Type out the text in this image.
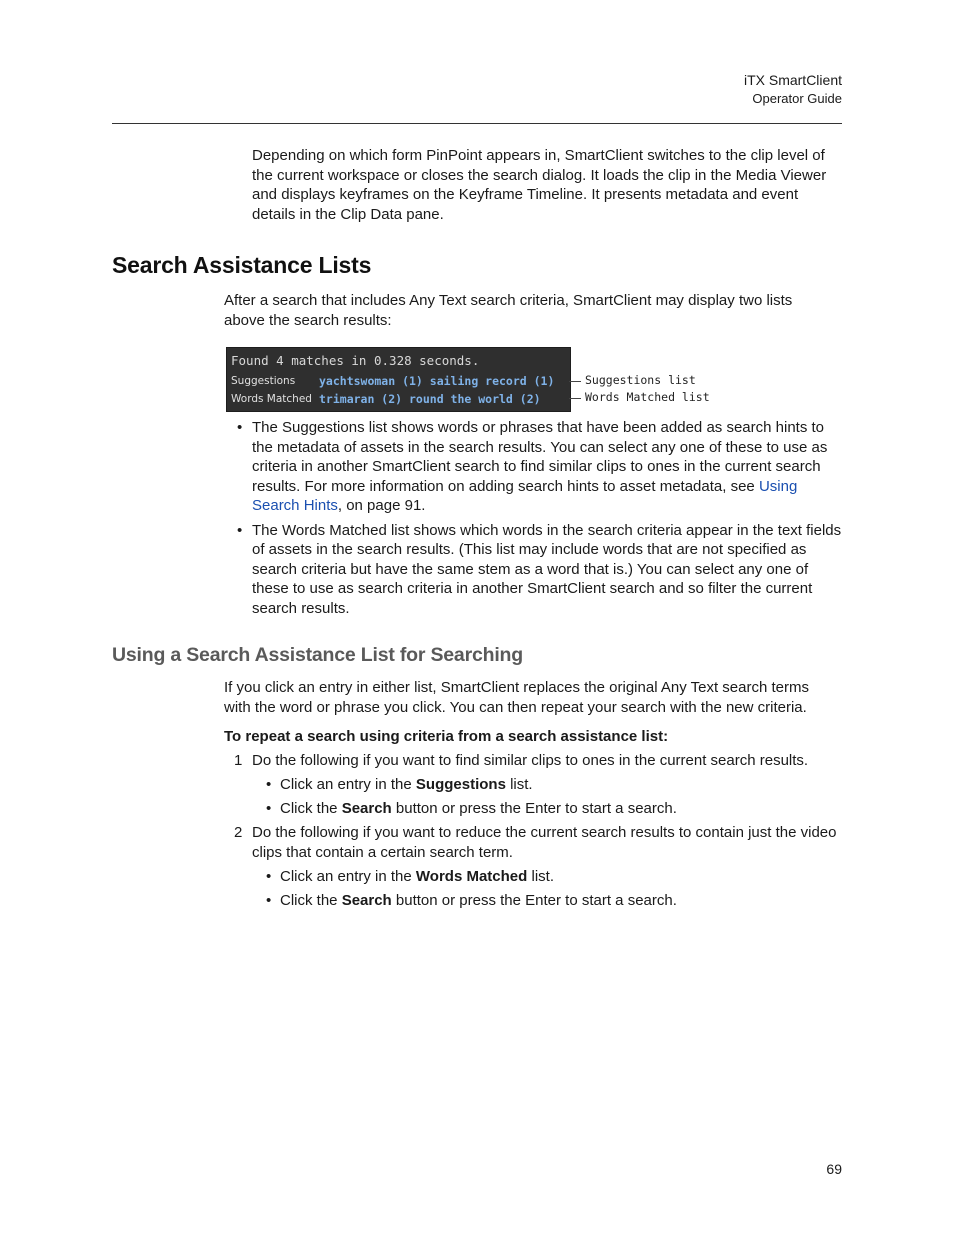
iTX SmartClient
Operator Guide

Depending on which form PinPoint appears in, SmartClient switches to the clip level of the current workspace or closes the search dialog. It loads the clip in the Media Viewer and displays keyframes on the Keyframe Timeline. It presents metadata and event details in the Clip Data pane.

Search Assistance Lists

After a search that includes Any Text search criteria, SmartClient may display two lists above the search results:

Found 4 matches in 0.328 seconds.
Suggestions yachtswoman (1) sailing record (1)
Words Matched trimaran (2) round the world (2)
Suggestions list
Words Matched list
• The Suggestions list shows words or phrases that have been added as search hints to the metadata of assets in the search results. You can select any one of these to use as criteria in another SmartClient search to find similar clips to ones in the current search results. For more information on adding search hints to asset metadata, see Using Search Hints, on page 91.
• The Words Matched list shows which words in the search criteria appear in the text fields of assets in the search results. (This list may include words that are not specified as search criteria but have the same stem as a word that is.) You can select any one of these to use as search criteria in another SmartClient search and so filter the current search results.
Using a Search Assistance List for Searching

If you click an entry in either list, SmartClient replaces the original Any Text search terms with the word or phrase you click. You can then repeat your search with the new criteria.

To repeat a search using criteria from a search assistance list:

1 Do the following if you want to find similar clips to ones in the current search results.
• Click an entry in the Suggestions list.
• Click the Search button or press the Enter to start a search.
2 Do the following if you want to reduce the current search results to contain just the video clips that contain a certain search term.
• Click an entry in the Words Matched list.
• Click the Search button or press the Enter to start a search.
69
